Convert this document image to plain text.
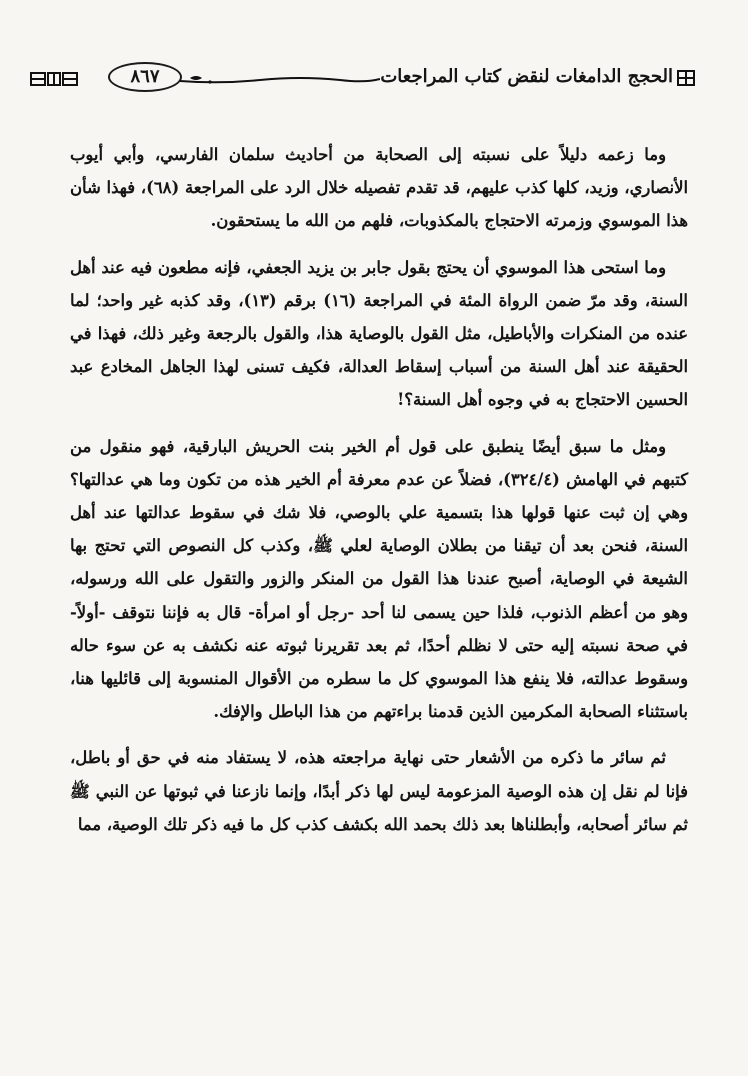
الحجج الدامغات لنقض كتاب المراجعات
٨٦٧

وما زعمه دليلاً على نسبته إلى الصحابة من أحاديث سلمان الفارسي، وأبي أيوب الأنصاري، وزيد، كلها كذب عليهم، قد تقدم تفصيله خلال الرد على المراجعة (٦٨)، فهذا شأن هذا الموسوي وزمرته الاحتجاج بالمكذوبات، فلهم من الله ما يستحقون.

وما استحى هذا الموسوي أن يحتج بقول جابر بن يزيد الجعفي، فإنه مطعون فيه عند أهل السنة، وقد مرّ ضمن الرواة المئة في المراجعة (١٦) برقم (١٣)، وقد كذبه غير واحد؛ لما عنده من المنكرات والأباطيل، مثل القول بالوصاية هذا، والقول بالرجعة وغير ذلك، فهذا في الحقيقة عند أهل السنة من أسباب إسقاط العدالة، فكيف تسنى لهذا الجاهل المخادع عبد الحسين الاحتجاج به في وجوه أهل السنة؟!

ومثل ما سبق أيضًا ينطبق على قول أم الخير بنت الحريش البارقية، فهو منقول من كتبهم في الهامش (٣٢٤/٤)، فضلاً عن عدم معرفة أم الخير هذه من تكون وما هي عدالتها؟ وهي إن ثبت عنها قولها هذا بتسمية علي بالوصي، فلا شك في سقوط عدالتها عند أهل السنة، فنحن بعد أن تيقنا من بطلان الوصاية لعلي ﷺ، وكذب كل النصوص التي تحتج بها الشيعة في الوصاية، أصبح عندنا هذا القول من المنكر والزور والتقول على الله ورسوله، وهو من أعظم الذنوب، فلذا حين يسمى لنا أحد -رجل أو امرأة- قال به فإننا نتوقف -أولاً- في صحة نسبته إليه حتى لا نظلم أحدًا، ثم بعد تقريرنا ثبوته عنه نكشف به عن سوء حاله وسقوط عدالته، فلا ينفع هذا الموسوي كل ما سطره من الأقوال المنسوبة إلى قائليها هنا، باستثناء الصحابة المكرمين الذين قدمنا براءتهم من هذا الباطل والإفك.

ثم سائر ما ذكره من الأشعار حتى نهاية مراجعته هذه، لا يستفاد منه في حق أو باطل، فإنا لم نقل إن هذه الوصية المزعومة ليس لها ذكر أبدًا، وإنما نازعنا في ثبوتها عن النبي ﷺ ثم سائر أصحابه، وأبطلناها بعد ذلك بحمد الله بكشف كذب كل ما فيه ذكر تلك الوصية، مما
